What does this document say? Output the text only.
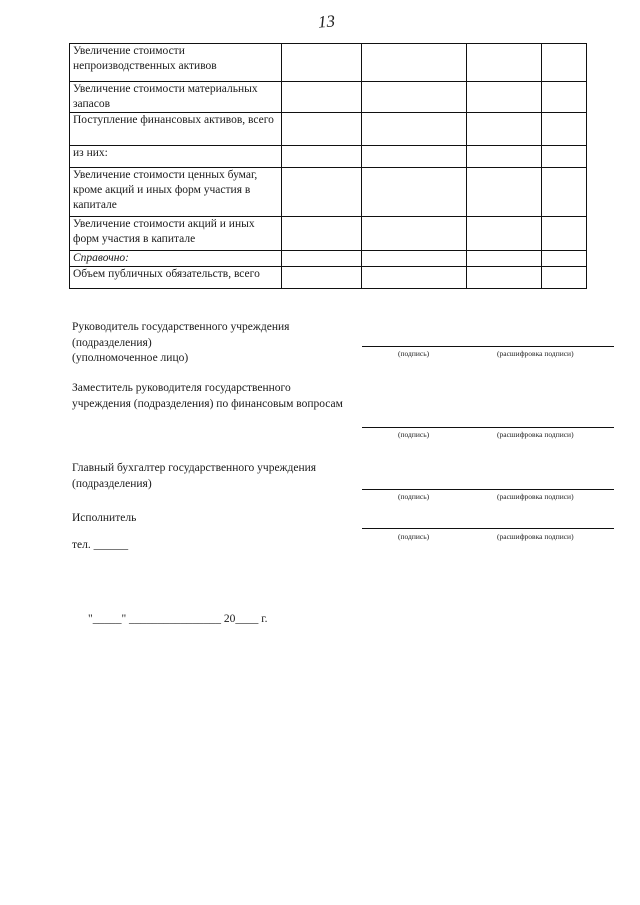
13
Увеличение стоимости непроизводственных активов				
Увеличение стоимости материальных запасов				
Поступление финансовых активов, всего				
из них:				
Увеличение стоимости ценных бумаг, кроме акций и иных форм участия в капитале				
Увеличение стоимости акций и иных форм участия в капитале				
Справочно:				
Объем публичных обязательств, всего				
Руководитель государственного учреждения
(подразделения)
(уполномоченное лицо)	(подпись)	(расшифровка подписи)
Заместитель руководителя государственного
учреждения (подразделения) по финансовым вопросам
(подпись)	(расшифровка подписи)
Главный бухгалтер государственного учреждения
(подразделения)
(подпись)	(расшифровка подписи)
Исполнитель
тел. ______
(подпись)	(расшифровка подписи)
"_____" ________________ 20____ г.
